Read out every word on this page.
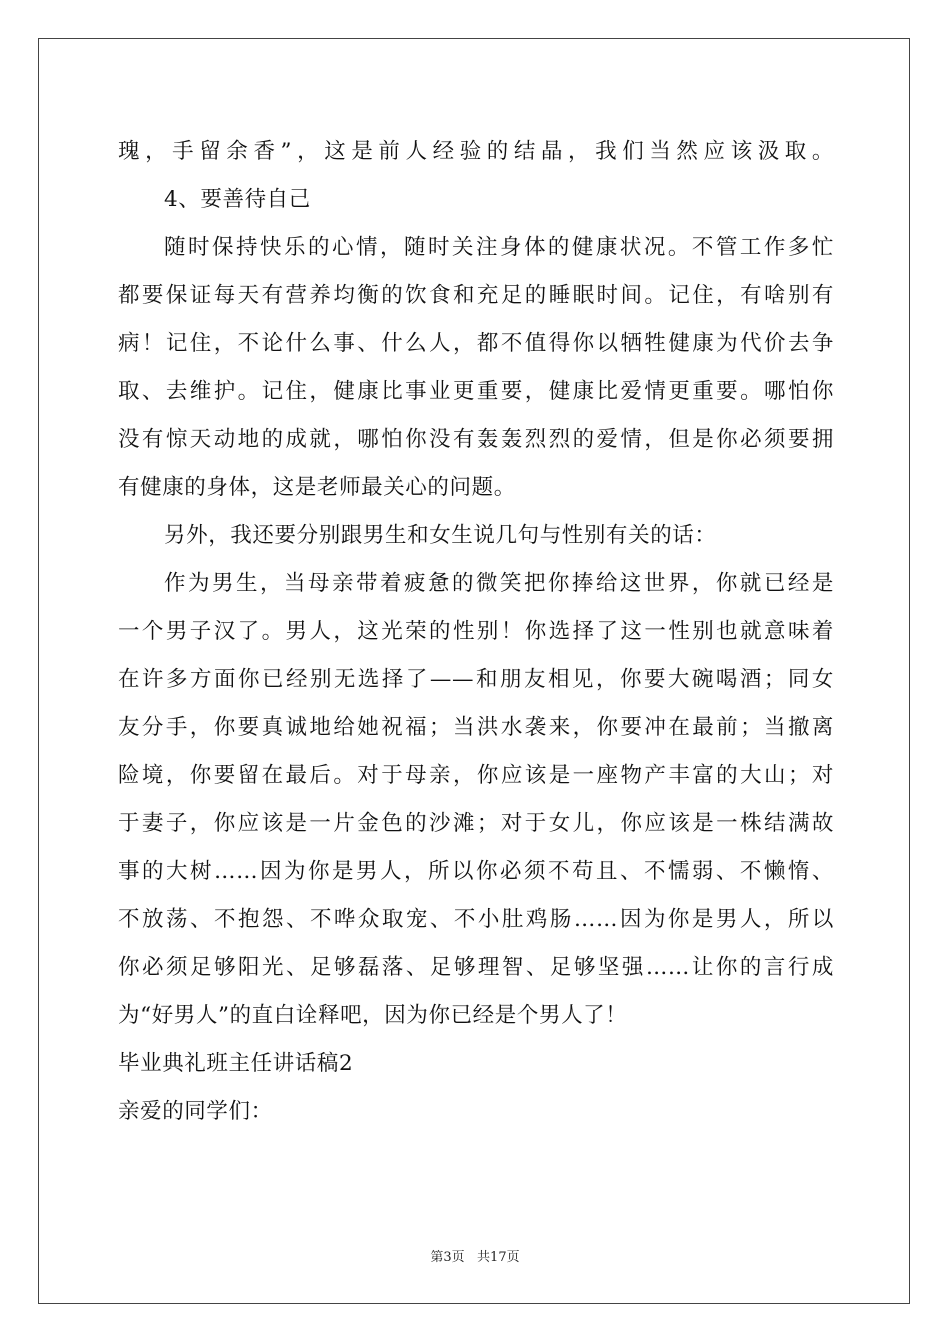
瑰，手留余香”，这是前人经验的结晶，我们当然应该汲取。
4、要善待自己
随时保持快乐的心情，随时关注身体的健康状况。不管工作多忙
都要保证每天有营养均衡的饮食和充足的睡眠时间。记住，有啥别有
病！记住，不论什么事、什么人，都不值得你以牺牲健康为代价去争
取、去维护。记住，健康比事业更重要，健康比爱情更重要。哪怕你
没有惊天动地的成就，哪怕你没有轰轰烈烈的爱情，但是你必须要拥
有健康的身体，这是老师最关心的问题。
另外，我还要分别跟男生和女生说几句与性别有关的话：
作为男生，当母亲带着疲惫的微笑把你捧给这世界，你就已经是
一个男子汉了。男人，这光荣的性别！你选择了这一性别也就意味着
在许多方面你已经别无选择了——和朋友相见，你要大碗喝酒；同女
友分手，你要真诚地给她祝福；当洪水袭来，你要冲在最前；当撤离
险境，你要留在最后。对于母亲，你应该是一座物产丰富的大山；对
于妻子，你应该是一片金色的沙滩；对于女儿，你应该是一株结满故
事的大树……因为你是男人，所以你必须不苟且、不懦弱、不懒惰、
不放荡、不抱怨、不哗众取宠、不小肚鸡肠……因为你是男人，所以
你必须足够阳光、足够磊落、足够理智、足够坚强……让你的言行成
为“好男人”的直白诠释吧，因为你已经是个男人了！
毕业典礼班主任讲话稿2
亲爱的同学们：
第3页   共17页
